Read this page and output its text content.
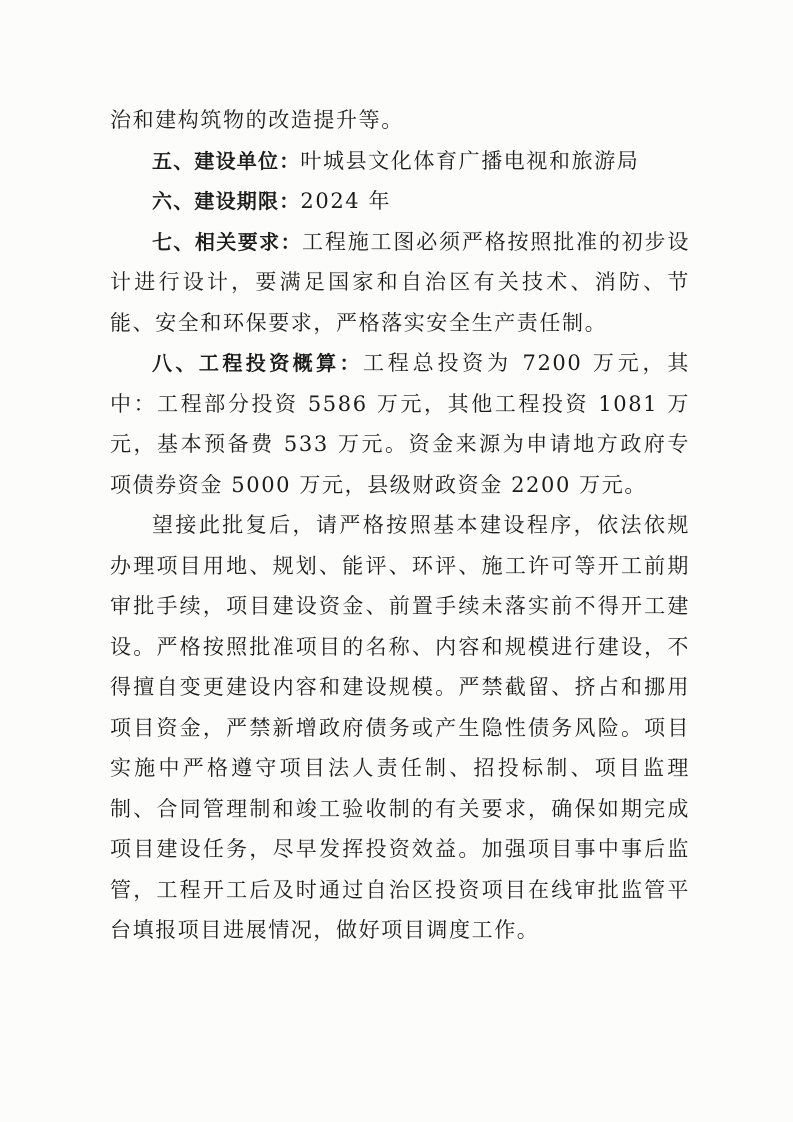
治和建构筑物的改造提升等。

五、建设单位：叶城县文化体育广播电视和旅游局

六、建设期限：2024 年

七、相关要求：工程施工图必须严格按照批准的初步设计进行设计，要满足国家和自治区有关技术、消防、节能、安全和环保要求，严格落实安全生产责任制。

八、工程投资概算：工程总投资为 7200 万元，其中：工程部分投资 5586 万元，其他工程投资 1081 万元，基本预备费 533 万元。资金来源为申请地方政府专项债券资金 5000 万元，县级财政资金 2200 万元。

望接此批复后，请严格按照基本建设程序，依法依规办理项目用地、规划、能评、环评、施工许可等开工前期审批手续，项目建设资金、前置手续未落实前不得开工建设。严格按照批准项目的名称、内容和规模进行建设，不得擅自变更建设内容和建设规模。严禁截留、挤占和挪用项目资金，严禁新增政府债务或产生隐性债务风险。项目实施中严格遵守项目法人责任制、招投标制、项目监理制、合同管理制和竣工验收制的有关要求，确保如期完成项目建设任务，尽早发挥投资效益。加强项目事中事后监管，工程开工后及时通过自治区投资项目在线审批监管平台填报项目进展情况，做好项目调度工作。
